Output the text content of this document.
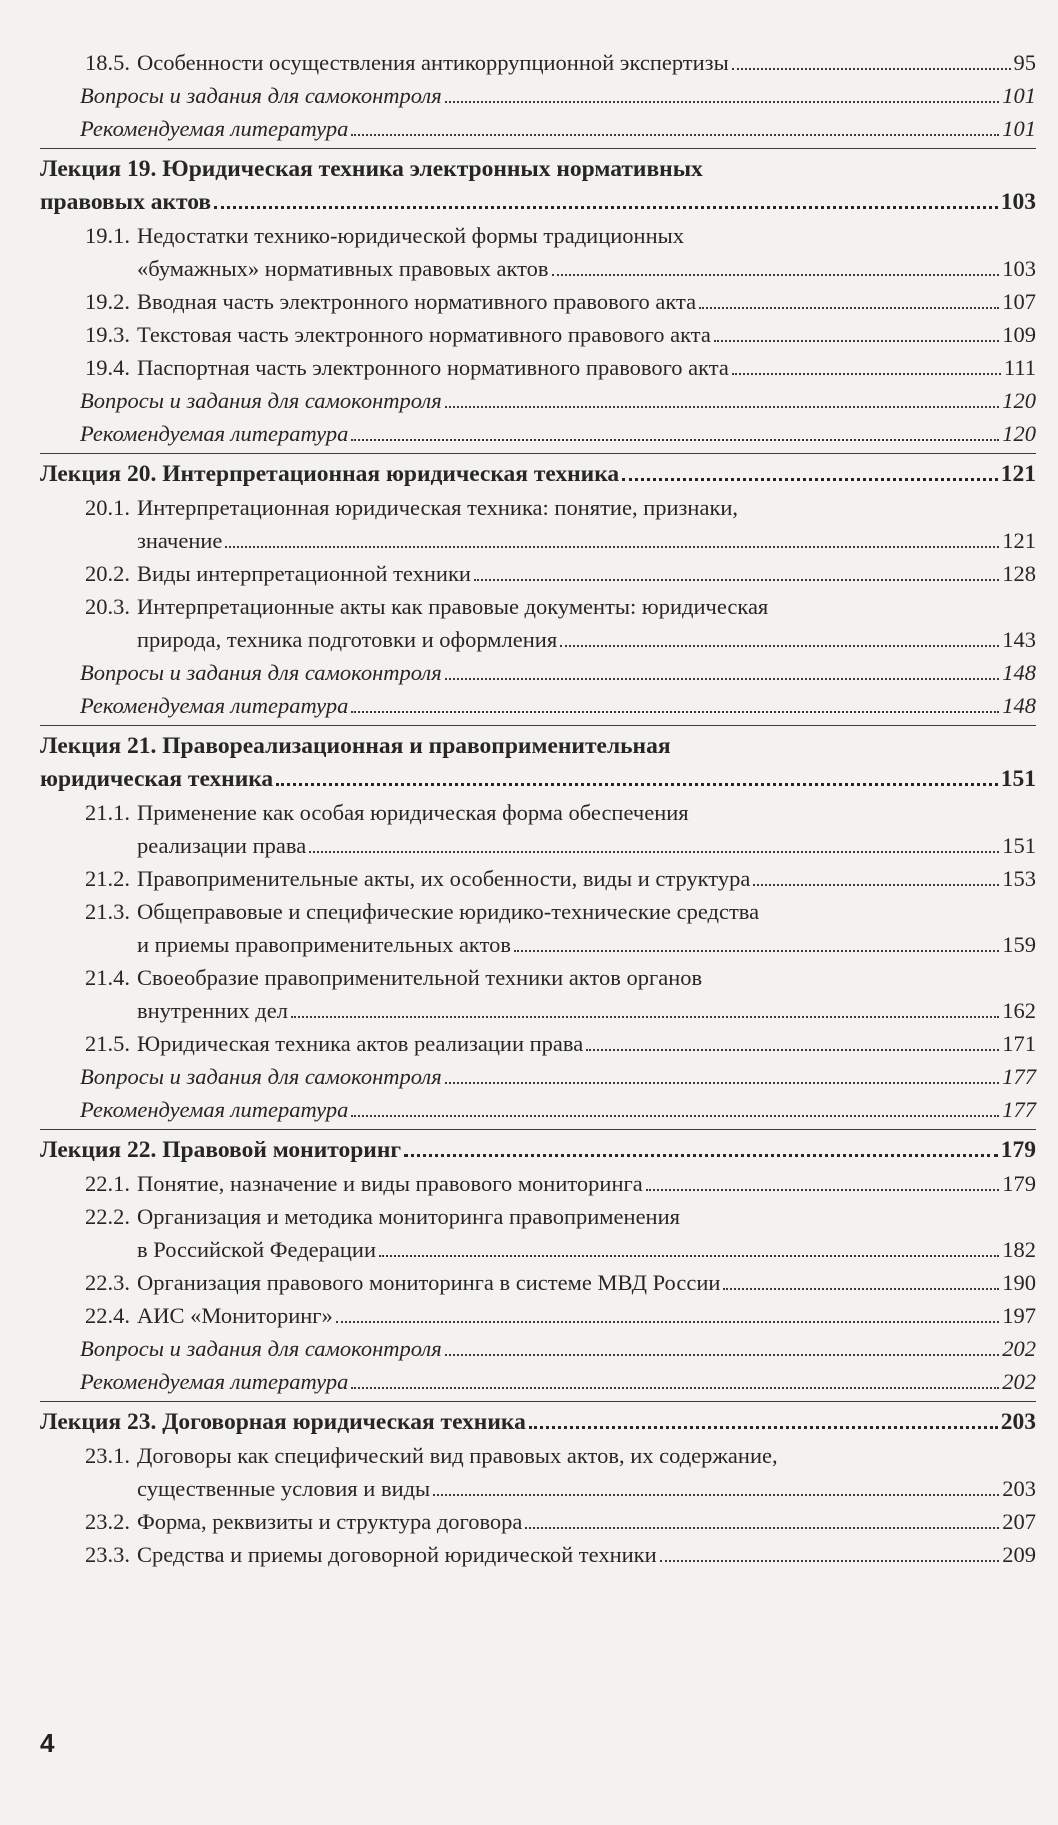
18.5. Особенности осуществления антикоррупционной экспертизы	95
Вопросы и задания для самоконтроля	101
Рекомендуемая литература	101
Лекция 19. Юридическая техника электронных нормативных
правовых актов	103
19.1. Недостатки технико-юридической формы традиционных
«бумажных» нормативных правовых актов	103
19.2. Вводная часть электронного нормативного правового акта	107
19.3. Текстовая часть электронного нормативного правового акта	109
19.4. Паспортная часть электронного нормативного правового акта	111
Вопросы и задания для самоконтроля	120
Рекомендуемая литература	120
Лекция 20. Интерпретационная юридическая техника	121
20.1. Интерпретационная юридическая техника: понятие, признаки,
значение	121
20.2. Виды интерпретационной техники	128
20.3. Интерпретационные акты как правовые документы: юридическая
природа, техника подготовки и оформления	143
Вопросы и задания для самоконтроля	148
Рекомендуемая литература	148
Лекция 21. Правореализационная и правоприменительная
юридическая техника	151
21.1. Применение как особая юридическая форма обеспечения
реализации права	151
21.2. Правоприменительные акты, их особенности, виды и структура	153
21.3. Общеправовые и специфические юридико-технические средства
и приемы правоприменительных актов	159
21.4. Своеобразие правоприменительной техники актов органов
внутренних дел	162
21.5. Юридическая техника актов реализации права	171
Вопросы и задания для самоконтроля	177
Рекомендуемая литература	177
Лекция 22. Правовой мониторинг	179
22.1. Понятие, назначение и виды правового мониторинга	179
22.2. Организация и методика мониторинга правоприменения
в Российской Федерации	182
22.3. Организация правового мониторинга в системе МВД России	190
22.4. АИС «Мониторинг»	197
Вопросы и задания для самоконтроля	202
Рекомендуемая литература	202
Лекция 23. Договорная юридическая техника	203
23.1. Договоры как специфический вид правовых актов, их содержание,
существенные условия и виды	203
23.2. Форма, реквизиты и структура договора	207
23.3. Средства и приемы договорной юридической техники	209
4
